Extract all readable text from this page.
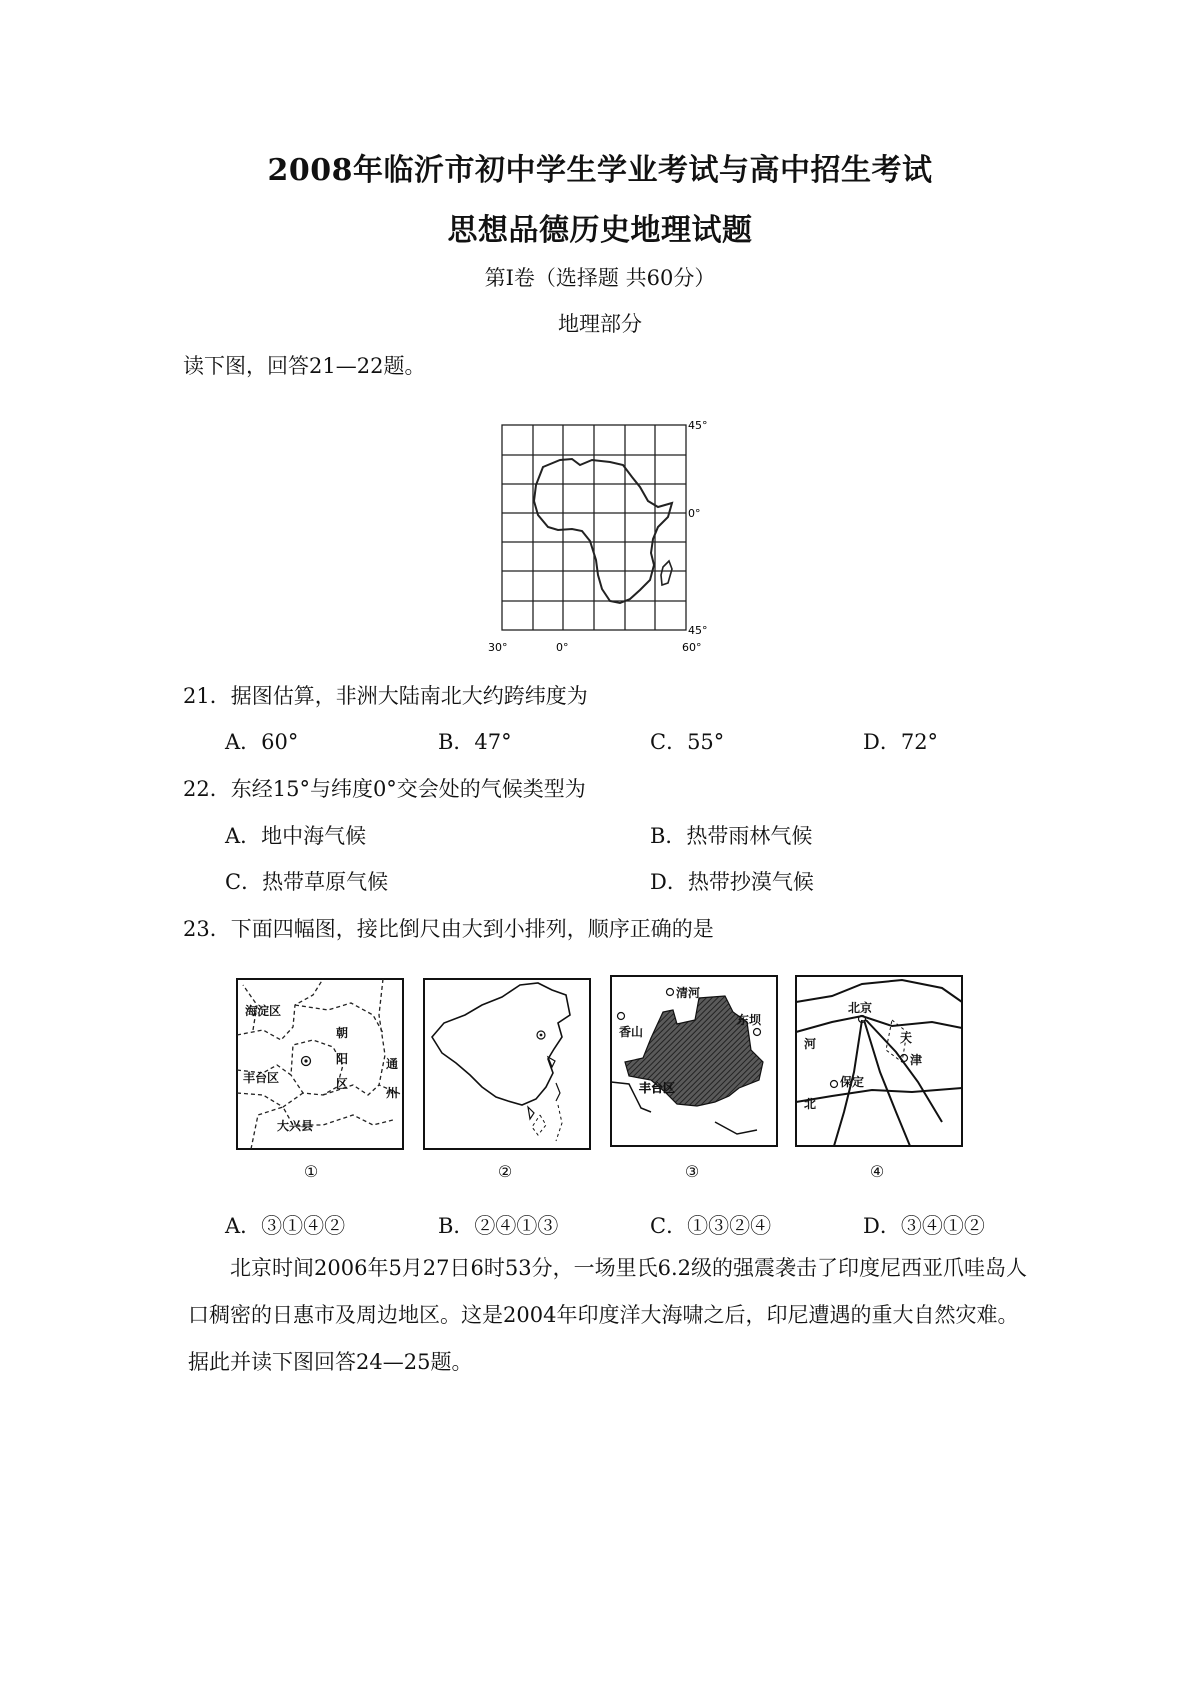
2008年临沂市初中学生学业考试与高中招生考试
思想品德历史地理试题
第Ⅰ卷（选择题 共60分）
地理部分
读下图，回答21—22题。
45°
0°
45°
30°	0°	60°
21．据图估算，非洲大陆南北大约跨纬度为
A．60°	B．47°	C．55°	D．72°
22．东经15°与纬度0°交会处的气候类型为
A．地中海气候	B．热带雨林气候
C．热带草原气候	D．热带抄漠气候
23．下面四幅图，接比倒尺由大到小排列，顺序正确的是
海淀区
朝
阳
区
通
州
丰台区
大兴县
①	②
清河
香山
东坝
丰台区
③
北京
河
北
天
津
保定
④
A．③①④②	B．②④①③	C．①③②④	D．③④①②
北京时间2006年5月27日6时53分，一场里氏6.2级的强震袭击了印度尼西亚爪哇岛人口稠密的日惠市及周边地区。这是2004年印度洋大海啸之后，印尼遭遇的重大自然灾难。据此并读下图回答24—25题。
